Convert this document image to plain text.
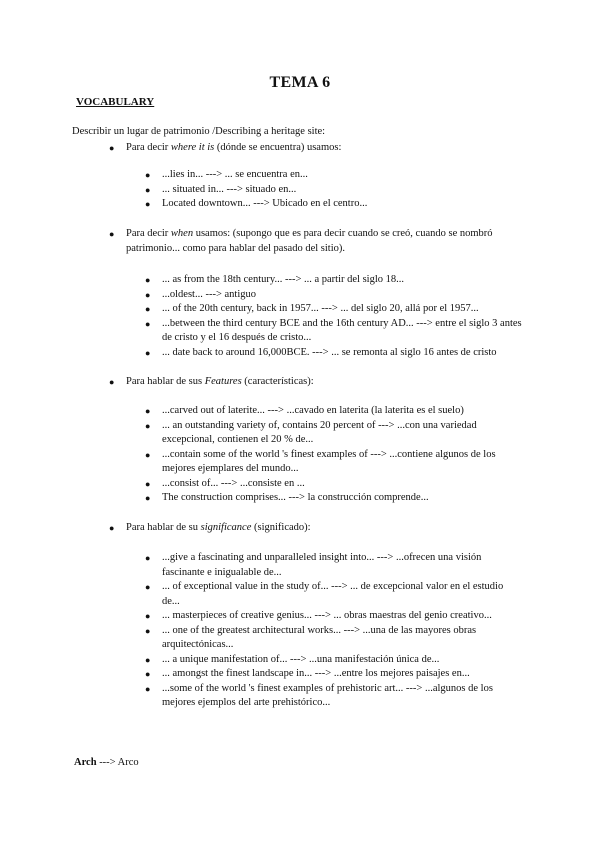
TEMA 6
VOCABULARY
Describir un lugar de patrimonio /Describing a heritage site:
● Para decir where it is (dónde se encuentra) usamos:
● ...lies in... ---> ... se encuentra en...
● ... situated in... ---> situado en...
● Located downtown... ---> Ubicado en el centro...
● Para decir when usamos: (supongo que es para decir cuando se creó, cuando se nombró patrimonio... como para hablar del pasado del sitio).
● ... as from the 18th century... ---> ... a partir del siglo 18...
● ...oldest... ---> antiguo
● ... of the 20th century, back in 1957... ---> ... del siglo 20, allá por el 1957...
● ...between the third century BCE and the 16th century AD... ---> entre el siglo 3 antes de cristo y el 16 después de cristo...
● ... date back to around 16,000BCE. ---> ... se remonta al siglo 16 antes de cristo
● Para hablar de sus Features (características):
● ...carved out of laterite... ---> ...cavado en laterita (la laterita es el suelo)
● ... an outstanding variety of, contains 20 percent of ---> ...con una variedad excepcional, contienen el 20 % de...
● ...contain some of the world 's finest examples of ---> ...contiene algunos de los mejores ejemplares del mundo...
● ...consist of... ---> ...consiste en ...
● The construction comprises... ---> la construcción comprende...
● Para hablar de su significance (significado):
● ...give a fascinating and unparalleled insight into... ---> ...ofrecen una visión fascinante e inigualable de...
● ... of exceptional value in the study of... ---> ... de excepcional valor en el estudio de...
● ... masterpieces of creative genius... ---> ... obras maestras del genio creativo...
● ... one of the greatest architectural works... ---> ...una de las mayores obras arquitectónicas...
● ... a unique manifestation of... ---> ...una manifestación única de...
● ... amongst the finest landscape in... ---> ...entre los mejores paisajes en...
● ...some of the world 's finest examples of prehistoric art... ---> ...algunos de los mejores ejemplos del arte prehistórico...
Arch ---> Arco
